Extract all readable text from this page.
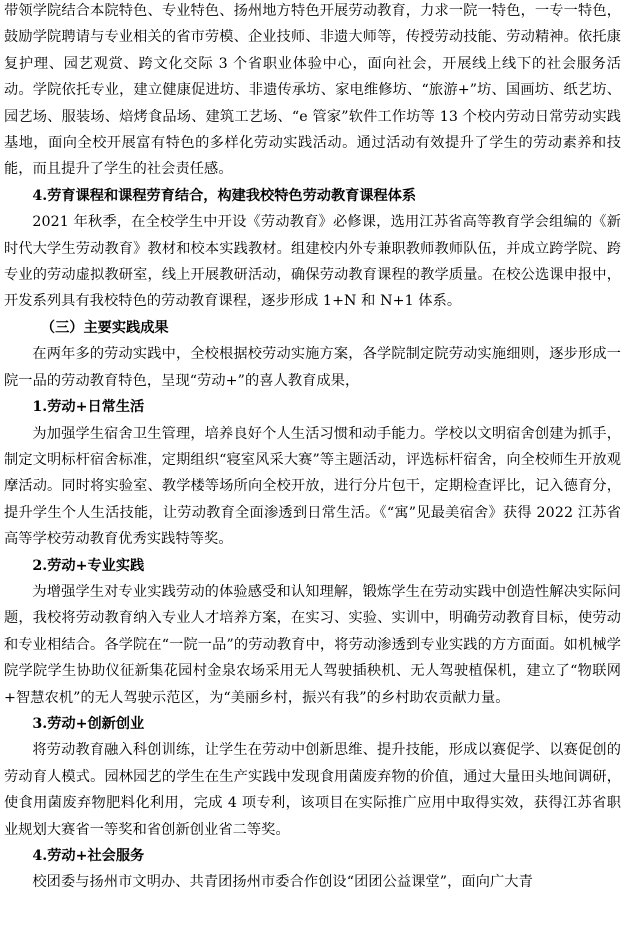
带领学院结合本院特色、专业特色、扬州地方特色开展劳动教育，力求一院一特色，一专一特色，鼓励学院聘请与专业相关的省市劳模、企业技师、非遗大师等，传授劳动技能、劳动精神。依托康复护理、园艺观赏、跨文化交际 3 个省职业体验中心，面向社会，开展线上线下的社会服务活动。学院依托专业，建立健康促进坊、非遗传承坊、家电维修坊、“旅游+”坊、国画坊、纸艺坊、园艺场、服装场、焙烤食品场、建筑工艺场、“e 管家”软件工作坊等 13 个校内劳动日常劳动实践基地，面向全校开展富有特色的多样化劳动实践活动。通过活动有效提升了学生的劳动素养和技能，而且提升了学生的社会责任感。

4.劳育课程和课程劳育结合，构建我校特色劳动教育课程体系

2021 年秋季，在全校学生中开设《劳动教育》必修课，选用江苏省高等教育学会组编的《新时代大学生劳动教育》教材和校本实践教材。组建校内外专兼职教师教师队伍，并成立跨学院、跨专业的劳动虚拟教研室，线上开展教研活动，确保劳动教育课程的教学质量。在校公选课申报中，开发系列具有我校特色的劳动教育课程，逐步形成 1+N 和 N+1 体系。

（三）主要实践成果

在两年多的劳动实践中，全校根据校劳动实施方案，各学院制定院劳动实施细则，逐步形成一院一品的劳动教育特色，呈现“劳动+”的喜人教育成果，

1.劳动+日常生活

为加强学生宿舍卫生管理，培养良好个人生活习惯和动手能力。学校以文明宿舍创建为抓手，制定文明标杆宿舍标准，定期组织“寝室风采大赛”等主题活动，评选标杆宿舍，向全校师生开放观摩活动。同时将实验室、教学楼等场所向全校开放，进行分片包干，定期检查评比，记入德育分，提升学生个人生活技能，让劳动教育全面渗透到日常生活。《“寓”见最美宿舍》获得 2022 江苏省高等学校劳动教育优秀实践特等奖。

2.劳动+专业实践

为增强学生对专业实践劳动的体验感受和认知理解，锻炼学生在劳动实践中创造性解决实际问题，我校将劳动教育纳入专业人才培养方案，在实习、实验、实训中，明确劳动教育目标，使劳动和专业相结合。各学院在“一院一品”的劳动教育中，将劳动渗透到专业实践的方方面面。如机械学院学院学生协助仪征新集花园村金泉农场采用无人驾驶插秧机、无人驾驶植保机，建立了“物联网+智慧农机”的无人驾驶示范区，为“美丽乡村，振兴有我”的乡村助农贡献力量。

3.劳动+创新创业

将劳动教育融入科创训练，让学生在劳动中创新思维、提升技能，形成以赛促学、以赛促创的劳动育人模式。园林园艺的学生在生产实践中发现食用菌废弃物的价值，通过大量田头地间调研，使食用菌废弃物肥料化利用，完成 4 项专利，该项目在实际推广应用中取得实效，获得江苏省职业规划大赛省一等奖和省创新创业省二等奖。

4.劳动+社会服务

校团委与扬州市文明办、共青团扬州市委合作创设“团团公益课堂”，面向广大青
